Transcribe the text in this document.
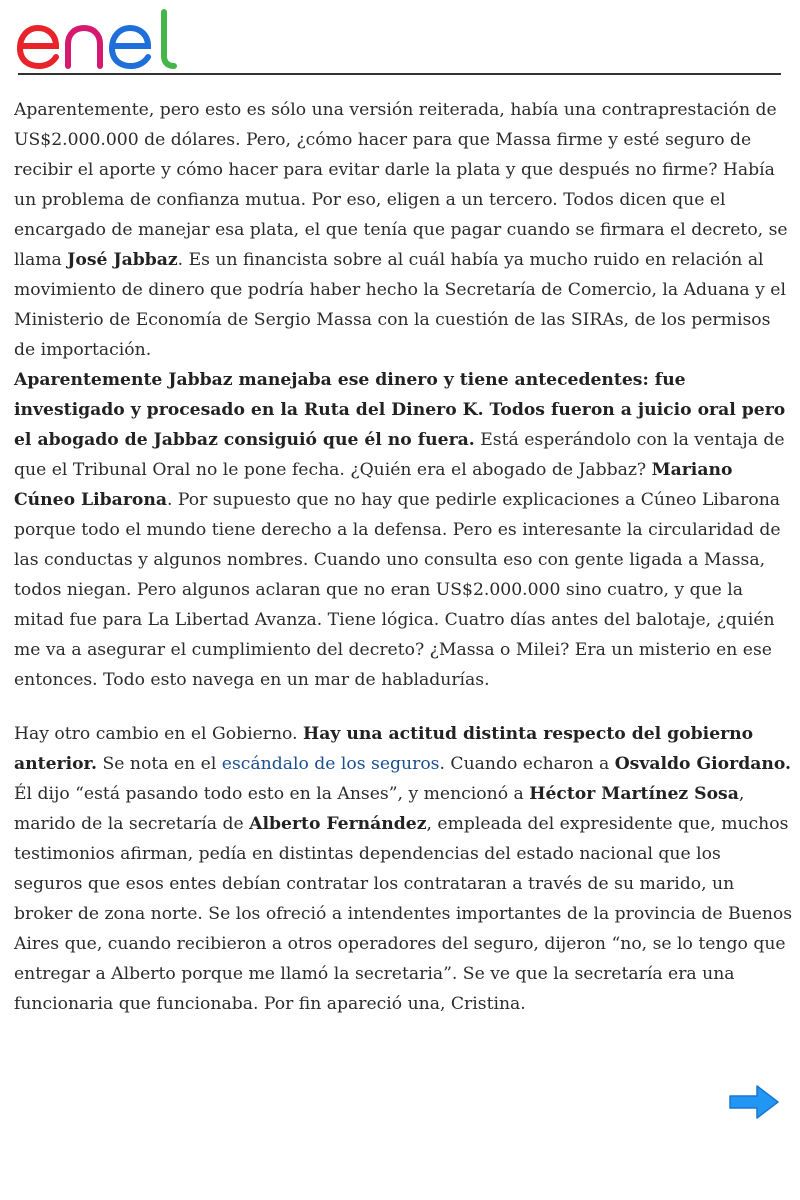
Aparentemente, pero esto es sólo una versión reiterada, había una contraprestación de US$2.000.000 de dólares. Pero, ¿cómo hacer para que Massa firme y esté seguro de recibir el aporte y cómo hacer para evitar darle la plata y que después no firme? Había un problema de confianza mutua. Por eso, eligen a un tercero. Todos dicen que el encargado de manejar esa plata, el que tenía que pagar cuando se firmara el decreto, se llama José Jabbaz. Es un financista sobre al cuál había ya mucho ruido en relación al movimiento de dinero que podría haber hecho la Secretaría de Comercio, la Aduana y el Ministerio de Economía de Sergio Massa con la cuestión de las SIRAs, de los permisos de importación.
Aparentemente Jabbaz manejaba ese dinero y tiene antecedentes: fue investigado y procesado en la Ruta del Dinero K. Todos fueron a juicio oral pero el abogado de Jabbaz consiguió que él no fuera. Está esperándolo con la ventaja de que el Tribunal Oral no le pone fecha. ¿Quién era el abogado de Jabbaz? Mariano Cúneo Libarona. Por supuesto que no hay que pedirle explicaciones a Cúneo Libarona porque todo el mundo tiene derecho a la defensa. Pero es interesante la circularidad de las conductas y algunos nombres. Cuando uno consulta eso con gente ligada a Massa, todos niegan. Pero algunos aclaran que no eran US$2.000.000 sino cuatro, y que la mitad fue para La Libertad Avanza. Tiene lógica. Cuatro días antes del balotaje, ¿quién me va a asegurar el cumplimiento del decreto? ¿Massa o Milei? Era un misterio en ese entonces. Todo esto navega en un mar de habladurías.

Hay otro cambio en el Gobierno. Hay una actitud distinta respecto del gobierno anterior. Se nota en el escándalo de los seguros. Cuando echaron a Osvaldo Giordano. Él dijo “está pasando todo esto en la Anses”, y mencionó a Héctor Martínez Sosa, marido de la secretaría de Alberto Fernández, empleada del expresidente que, muchos testimonios afirman, pedía en distintas dependencias del estado nacional que los seguros que esos entes debían contratar los contrataran a través de su marido, un broker de zona norte. Se los ofreció a intendentes importantes de la provincia de Buenos Aires que, cuando recibieron a otros operadores del seguro, dijeron “no, se lo tengo que entregar a Alberto porque me llamó la secretaria”. Se ve que la secretaría era una funcionaria que funcionaba. Por fin apareció una, Cristina.
